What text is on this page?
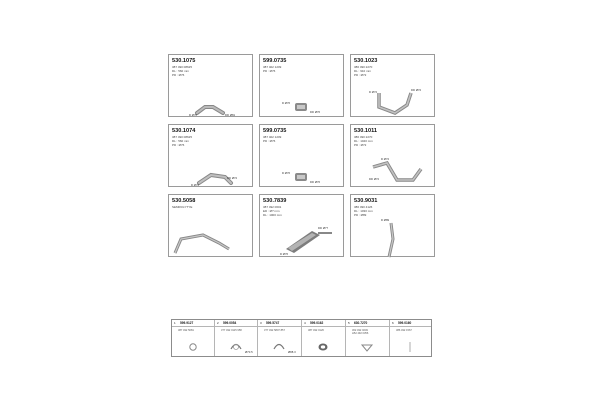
530.1075
387 490 08625
DL : 560 mm
PD : Ø76
D Ø76	DD Ø81
599.0735
387 402 1209
PD : Ø76
D Ø76
DD Ø76
530.1023
386 490 2270
DL : 910 mm
PD : Ø72
D Ø72	DD Ø72
530.1074
387 490 08625
DL : 560 mm
PD : Ø76
D Ø72
DD Ø72
599.0735
387 402 1209
PD : Ø76
D Ø76
DD Ø76
530.1011
386 490 2270
DL : 1040 mm
PD : Ø72
D Ø72
DD Ø72
530.5058
SEMIKIGYTYE
530.7839
387 492 0601
ED : Ø? mm
DL : 1000 mm
D Ø76
DD Ø77
530.9031
386 490 4126
DL : 1030 mm
PD : Ø89
D Ø89
1 599.9127
387 492 5081
2 599.0054
377 492 0115 958
Ø70.5
3 599.5747
377 492 5807 857
Ø88.3
4 599.0162
387 492 0126
5 630.7270
302 492 0249
H52 492 0356
6 599.0160
386 492 1567
